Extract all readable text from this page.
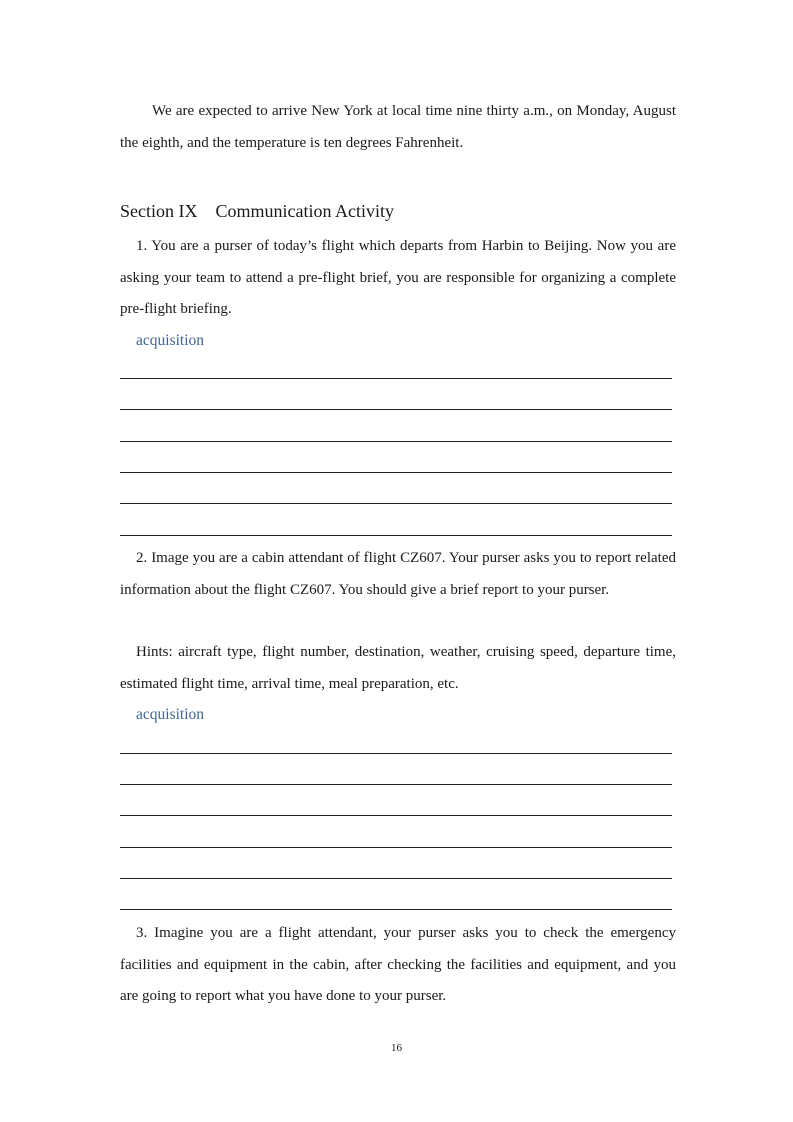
We are expected to arrive New York at local time nine thirty a.m., on Monday, August the eighth, and the temperature is ten degrees Fahrenheit.
Section IX    Communication Activity
1. You are a purser of today’s flight which departs from Harbin to Beijing. Now you are asking your team to attend a pre-flight brief, you are responsible for organizing a complete pre-flight briefing.
acquisition
2. Image you are a cabin attendant of flight CZ607. Your purser asks you to report related information about the flight CZ607. You should give a brief report to your purser.
Hints: aircraft type, flight number, destination, weather, cruising speed, departure time, estimated flight time, arrival time, meal preparation, etc.
acquisition
3. Imagine you are a flight attendant, your purser asks you to check the emergency facilities and equipment in the cabin, after checking the facilities and equipment, and you are going to report what you have done to your purser.
16
